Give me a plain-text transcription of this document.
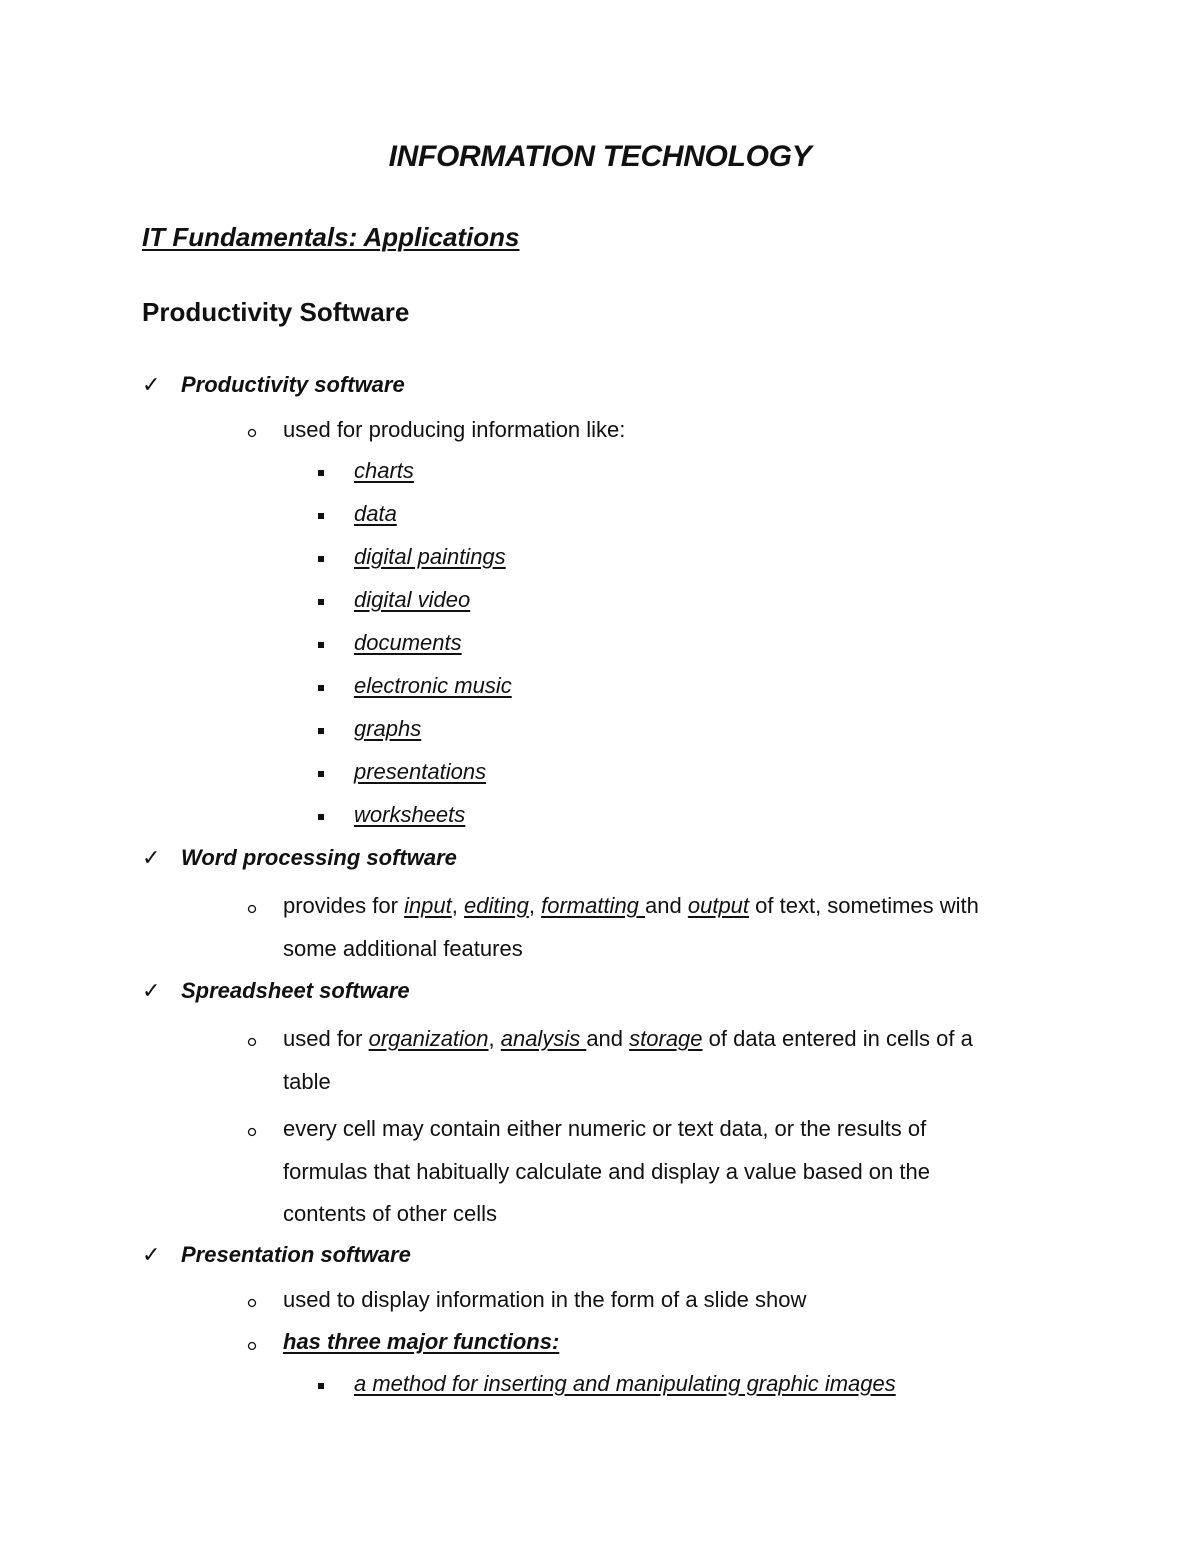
INFORMATION TECHNOLOGY
IT Fundamentals: Applications
Productivity Software
✓ Productivity software
used for producing information like:
charts
data
digital paintings
digital video
documents
electronic music
graphs
presentations
worksheets
✓ Word processing software
provides for input, editing, formatting and output of text, sometimes with
some additional features
✓ Spreadsheet software
used for organization, analysis and storage of data entered in cells of a
table
every cell may contain either numeric or text data, or the results of
formulas that habitually calculate and display a value based on the
contents of other cells
✓ Presentation software
used to display information in the form of a slide show
has three major functions:
a method for inserting and manipulating graphic images
